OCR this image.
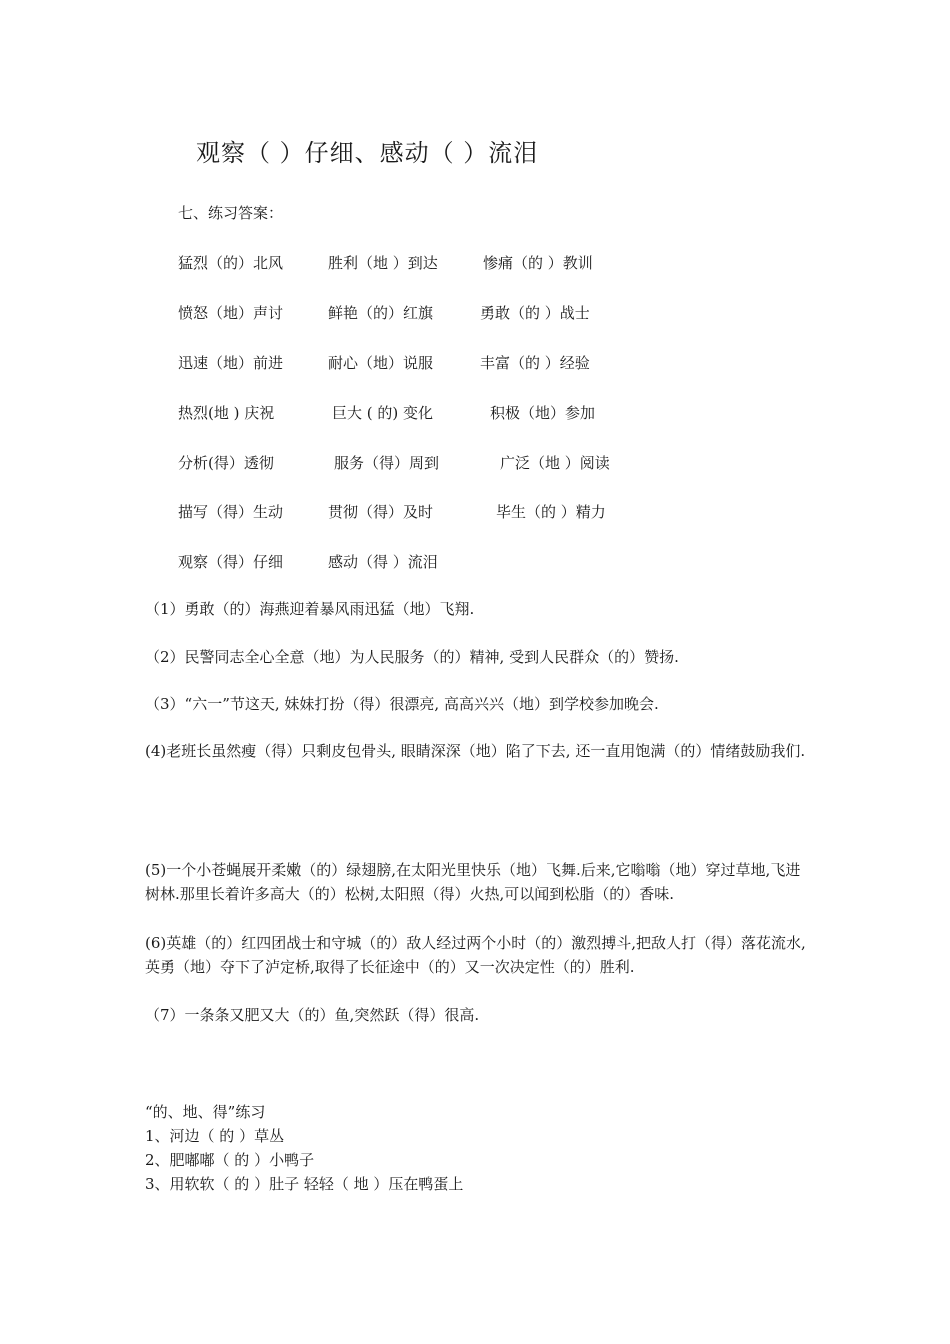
观察（ ）仔细、感动（ ）流泪
七、练习答案：
猛烈（的）北风	胜利（地 ）到达	惨痛（的 ）教训
愤怒（地）声讨	鲜艳（的）红旗	勇敢（的 ）战士
迅速（地）前进	耐心（地）说服	丰富（的 ）经验
热烈(地 ) 庆祝	巨大 ( 的) 变化	积极（地）参加
分析(得）透彻	服务（得）周到	广泛（地 ）阅读
描写（得）生动	贯彻（得）及时	毕生（的 ）精力
观察（得）仔细	感动（得 ）流泪
（1）勇敢（的）海燕迎着暴风雨迅猛（地）飞翔.
（2）民警同志全心全意（地）为人民服务（的）精神, 受到人民群众（的）赞扬.
（3）“六一”节这天, 妹妹打扮（得）很漂亮, 高高兴兴（地）到学校参加晚会.
(4)老班长虽然瘦（得）只剩皮包骨头, 眼睛深深（地）陷了下去, 还一直用饱满（的）情绪鼓励我们.
(5)一个小苍蝇展开柔嫩（的）绿翅膀,在太阳光里快乐（地）飞舞.后来,它嗡嗡（地）穿过草地,飞进树林.那里长着许多高大（的）松树,太阳照（得）火热,可以闻到松脂（的）香味.
(6)英雄（的）红四团战士和守城（的）敌人经过两个小时（的）激烈搏斗,把敌人打（得）落花流水,英勇（地）夺下了泸定桥,取得了长征途中（的）又一次决定性（的）胜利.
（7）一条条又肥又大（的）鱼,突然跃（得）很高.
“的、地、得”练习
1、河边（ 的 ）草丛
2、肥嘟嘟（ 的 ）小鸭子
3、用软软（ 的 ）肚子 轻轻（ 地 ）压在鸭蛋上
